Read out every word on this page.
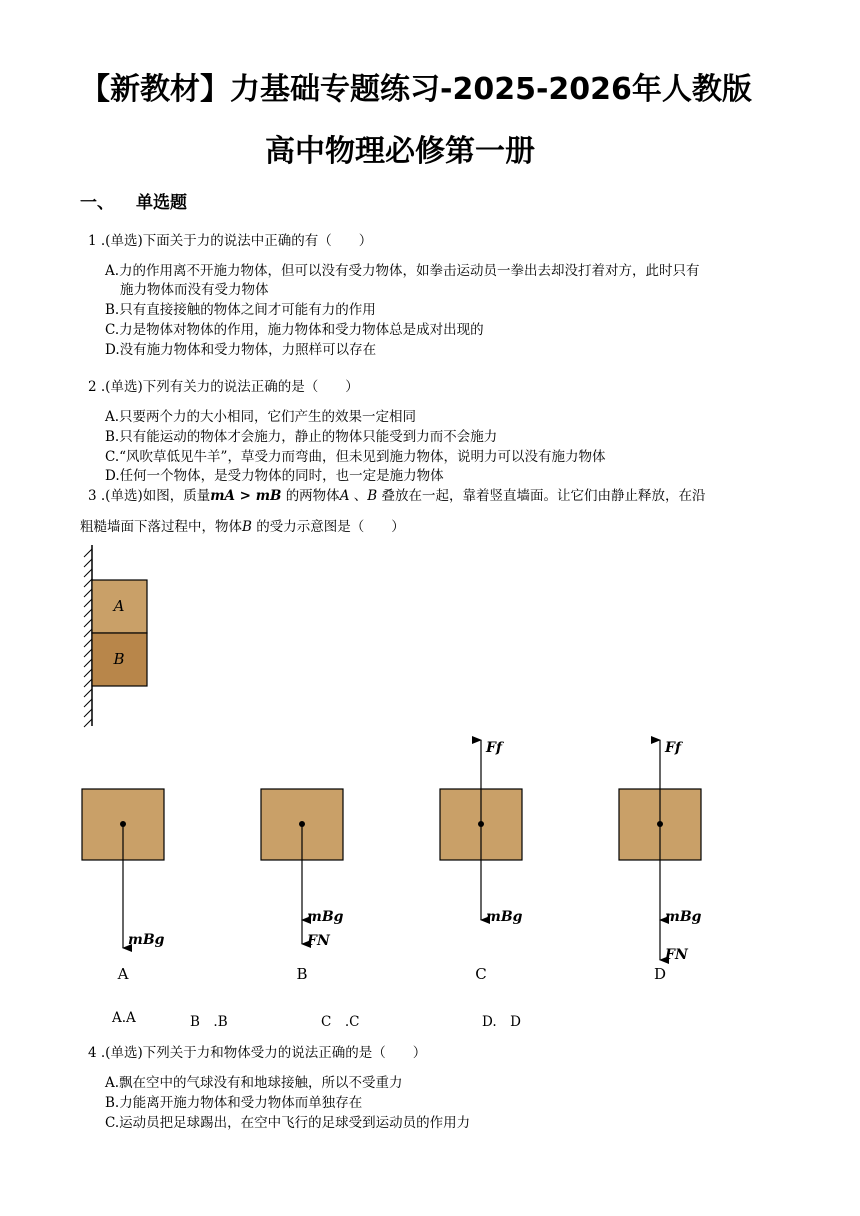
【新教材】力基础专题练习-2025-2026年人教版
高中物理必修第一册
一、 单选题
1 .(单选)下面关于力的说法中正确的有（　　）
A.力的作用离不开施力物体，但可以没有受力物体，如拳击运动员一拳出去却没打着对方，此时只有
施力物体而没有受力物体
B.只有直接接触的物体之间才可能有力的作用
C.力是物体对物体的作用，施力物体和受力物体总是成对出现的
D.没有施力物体和受力物体，力照样可以存在
2 .(单选)下列有关力的说法正确的是（　　）
A.只要两个力的大小相同，它们产生的效果一定相同
B.只有能运动的物体才会施力，静止的物体只能受到力而不会施力
C.“风吹草低见牛羊”，草受力而弯曲，但未见到施力物体，说明力可以没有施力物体
D.任何一个物体，是受力物体的同时，也一定是施力物体
3 .(单选)如图，质量mA > mB 的两物体A 、B 叠放在一起，靠着竖直墙面。让它们由静止释放，在沿
粗糙墙面下落过程中，物体B 的受力示意图是（　　）
A
B
mBg
A
mBg
FN
B
Ff
mBg
C
Ff
mBg
FN
D
A.A	B　.B	C　.C	D.　D
4 .(单选)下列关于力和物体受力的说法正确的是（　　）
A.飘在空中的气球没有和地球接触，所以不受重力
B.力能离开施力物体和受力物体而单独存在
C.运动员把足球踢出，在空中飞行的足球受到运动员的作用力
